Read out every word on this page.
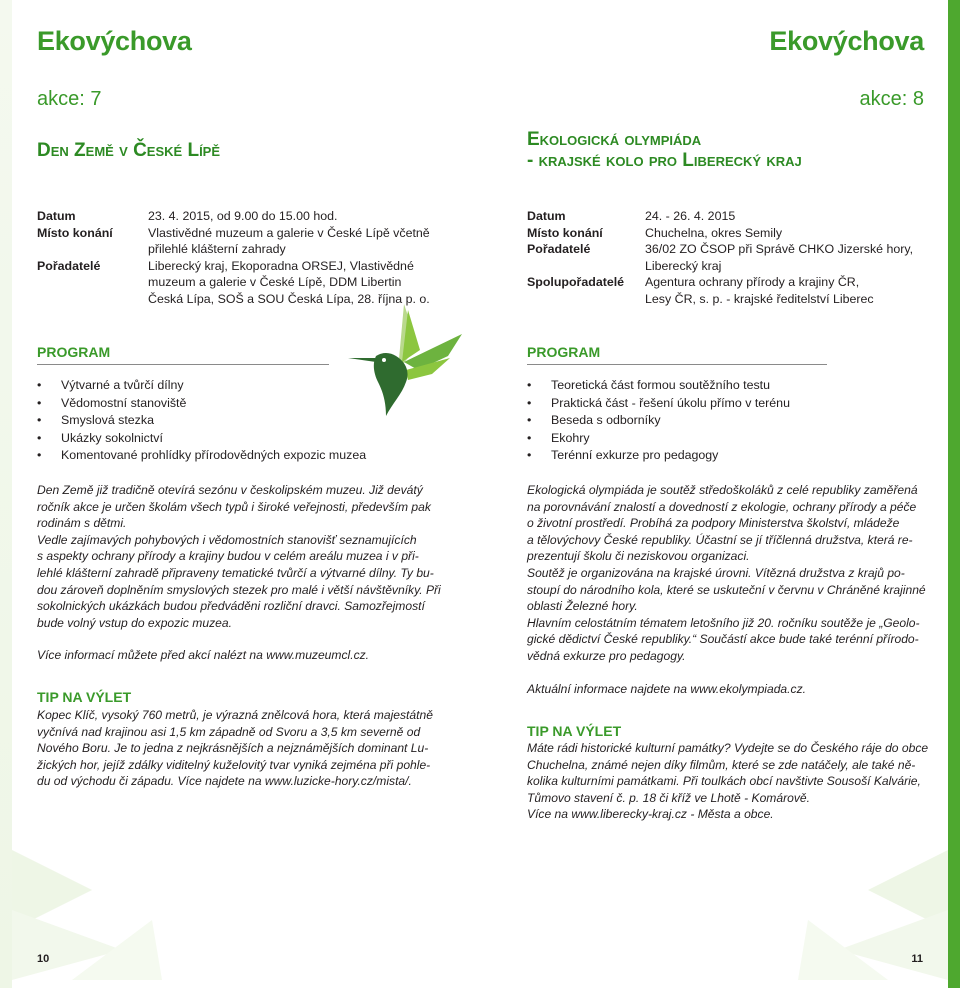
Ekovýchova
akce: 7
Den Země v České Lípě
Datum	23. 4. 2015, od 9.00 do 15.00 hod.
Místo konání	Vlastivědné muzeum a galerie v České Lípě včetně
přilehlé klášterní zahrady
Pořadatelé	Liberecký kraj, Ekoporadna ORSEJ, Vlastivědné
muzeum a galerie v České Lípě, DDM Libertin
Česká Lípa, SOŠ a SOU Česká Lípa, 28. října p. o.
PROGRAM
• Výtvarné a tvůrčí dílny
• Vědomostní stanoviště
• Smyslová stezka
• Ukázky sokolnictví
• Komentované prohlídky přírodovědných expozic muzea

Den Země již tradičně otevírá sezónu v českolipském muzeu. Již devátý

ročník akce je určen školám všech typů i široké veřejnosti, především pak

rodinám s dětmi.

Vedle zajímavých pohybových i vědomostních stanovišť seznamujících

s aspekty ochrany přírody a krajiny budou v celém areálu muzea i v při-

lehlé klášterní zahradě připraveny tematické tvůrčí a výtvarné dílny. Ty bu-

dou zároveň doplněním smyslových stezek pro malé i větší návštěvníky. Při

sokolnických ukázkách budou předváděni rozliční dravci. Samozřejmostí

bude volný vstup do expozic muzea.

Více informací můžete před akcí nalézt na www.muzeumcl.cz.

TIP NA VÝLET

Kopec Klíč, vysoký 760 metrů, je výrazná znělcová hora, která majestátně

vyčnívá nad krajinou asi 1,5 km západně od Svoru a 3,5 km severně od

Nového Boru. Je to jedna z nejkrásnějších a nejznámějších dominant Lu-

žických hor, jejíž zdálky viditelný kuželovitý tvar vyniká zejména při pohle-

du od východu či západu. Více najdete na www.luzicke-hory.cz/mista/.

10
Ekovýchova
akce: 8
Ekologická olympiáda
- krajské kolo pro Liberecký kraj
Datum	24. - 26. 4. 2015
Místo konání	Chuchelna, okres Semily
Pořadatelé	36/02 ZO ČSOP při Správě CHKO Jizerské hory,
Liberecký kraj
Spolupořadatelé Agentura ochrany přírody a krajiny ČR,
Lesy ČR, s. p. - krajské ředitelství Liberec
PROGRAM
• Teoretická část formou soutěžního testu
• Praktická část - řešení úkolu přímo v terénu
• Beseda s odborníky
• Ekohry
• Terénní exkurze pro pedagogy

Ekologická olympiáda je soutěž středoškoláků z celé republiky zaměřená

na porovnávání znalostí a dovedností z ekologie, ochrany přírody a péče

o životní prostředí. Probíhá za podpory Ministerstva školství, mládeže

a tělovýchovy České republiky. Účastní se jí tříčlenná družstva, která re-

prezentují školu či neziskovou organizaci.

Soutěž je organizována na krajské úrovni. Vítězná družstva z krajů po-

stoupí do národního kola, které se uskuteční v červnu v Chráněné krajinné

oblasti Železné hory.

Hlavním celostátním tématem letošního již 20. ročníku soutěže je „Geolo-

gické dědictví České republiky.“ Součástí akce bude také terénní přírodo-

vědná exkurze pro pedagogy.

Aktuální informace najdete na www.ekolympiada.cz.

TIP NA VÝLET

Máte rádi historické kulturní památky? Vydejte se do Českého ráje do obce

Chuchelna, známé nejen díky filmům, které se zde natáčely, ale také ně-

kolika kulturními památkami. Při toulkách obcí navštivte Sousoší Kalvárie,

Tůmovo stavení č. p. 18 či kříž ve Lhotě - Komárově.

Více na www.liberecky-kraj.cz - Města a obce.

11
